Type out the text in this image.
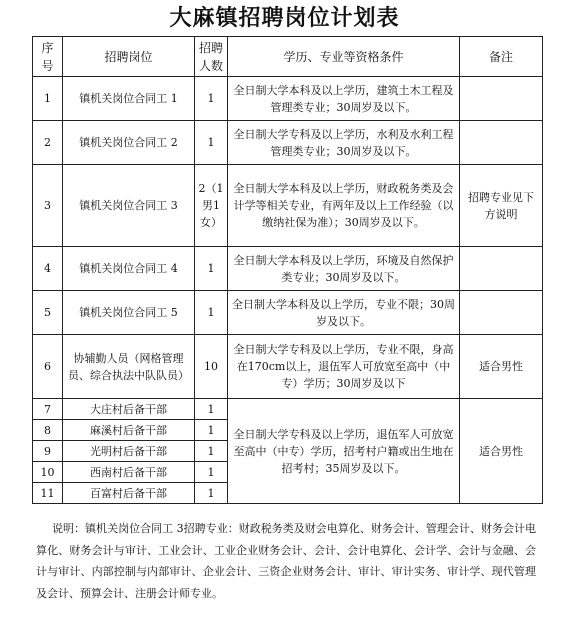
大麻镇招聘岗位计划表
序号	招聘岗位	招聘人数	学历、专业等资格条件	备注
1	镇机关岗位合同工 1	1	全日制大学本科及以上学历，建筑土木工程及管理类专业；30周岁及以下。	
2	镇机关岗位合同工 2	1	全日制大学专科及以上学历，水利及水利工程管理类专业；30周岁及以下。	
3	镇机关岗位合同工 3	2（1男1女）	全日制大学本科及以上学历，财政税务类及会计学等相关专业，有两年及以上工作经验（以缴纳社保为准）；30周岁及以下。	招聘专业见下方说明
4	镇机关岗位合同工 4	1	全日制大学本科及以上学历，环境及自然保护类专业；30周岁及以下。	
5	镇机关岗位合同工 5	1	全日制大学本科及以上学历，专业不限；30周岁及以下。	
6	协辅勤人员（网格管理员、综合执法中队队员）	10	全日制大学专科及以上学历，专业不限，身高在170cm以上，退伍军人可放宽至高中（中专）学历；30周岁及以下	适合男性
7	大庄村后备干部	1	全日制大学专科及以上学历，退伍军人可放宽至高中（中专）学历，招考村户籍或出生地在招考村；35周岁及以下。	适合男性
8	麻溪村后备干部	1		
9	光明村后备干部	1		
10	西南村后备干部	1		
11	百富村后备干部	1		
说明：镇机关岗位合同工 3招聘专业：财政税务类及财会电算化、财务会计、管理会计、财务会计电算化、财务会计与审计、工业会计、工业企业财务会计、会计、会计电算化、会计学、会计与金融、会计与审计、内部控制与内部审计、企业会计、三资企业财务会计、审计、审计实务、审计学、现代管理及会计、预算会计、注册会计师专业。
